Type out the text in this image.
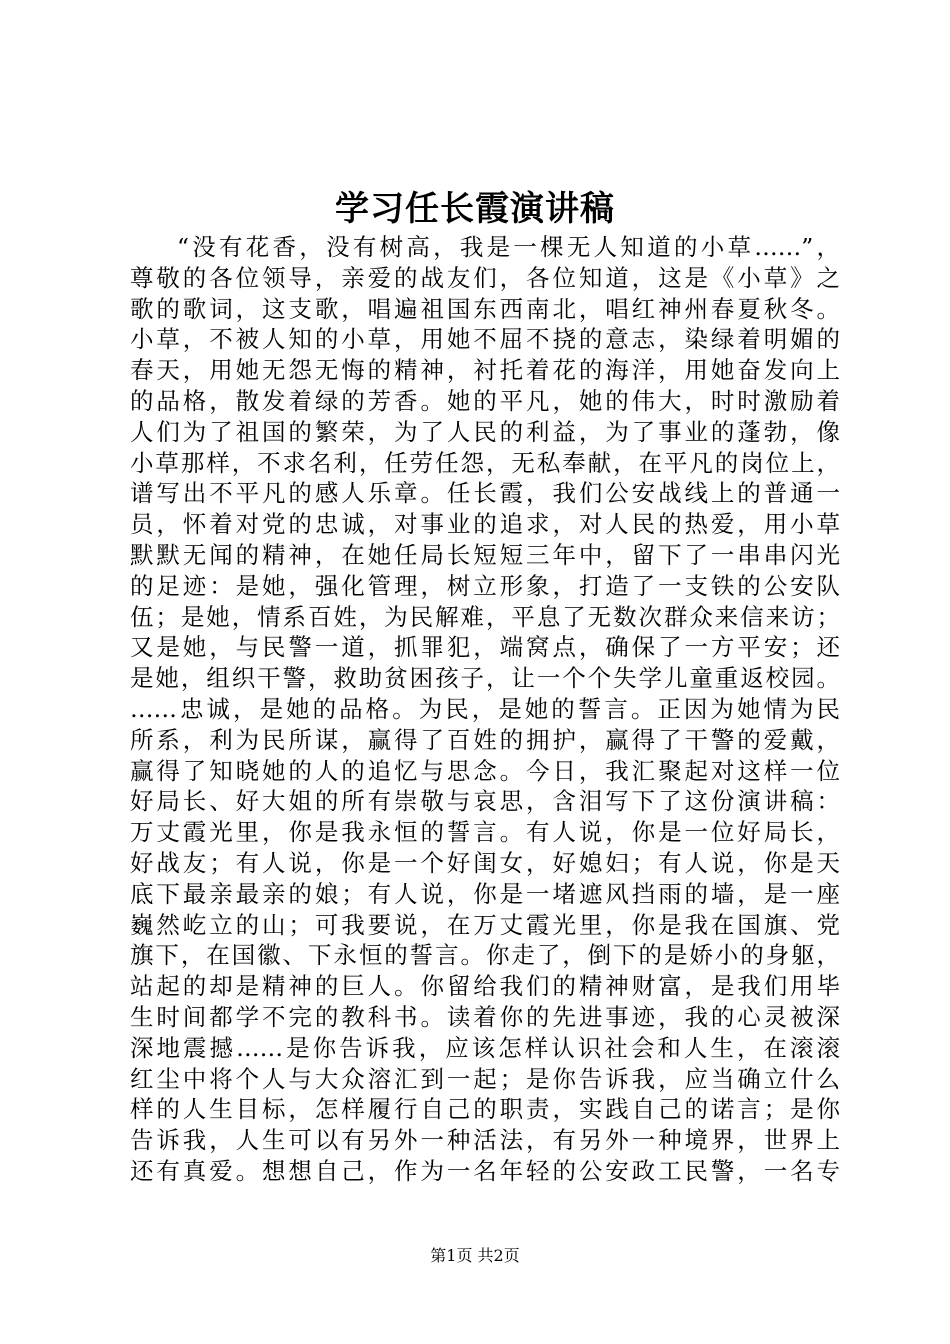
学习任长霞演讲稿
“没有花香，没有树高，我是一棵无人知道的小草……”，
尊敬的各位领导，亲爱的战友们，各位知道，这是《小草》之
歌的歌词，这支歌，唱遍祖国东西南北，唱红神州春夏秋冬。
小草，不被人知的小草，用她不屈不挠的意志，染绿着明媚的
春天，用她无怨无悔的精神，衬托着花的海洋，用她奋发向上
的品格，散发着绿的芳香。她的平凡，她的伟大，时时激励着
人们为了祖国的繁荣，为了人民的利益，为了事业的蓬勃，像
小草那样，不求名利，任劳任怨，无私奉献，在平凡的岗位上，
谱写出不平凡的感人乐章。任长霞，我们公安战线上的普通一
员，怀着对党的忠诚，对事业的追求，对人民的热爱，用小草
默默无闻的精神，在她任局长短短三年中，留下了一串串闪光
的足迹：是她，强化管理，树立形象，打造了一支铁的公安队
伍；是她，情系百姓，为民解难，平息了无数次群众来信来访；
又是她，与民警一道，抓罪犯，端窝点，确保了一方平安；还
是她，组织干警，救助贫困孩子，让一个个失学儿童重返校园。
……忠诚，是她的品格。为民，是她的誓言。正因为她情为民
所系，利为民所谋，赢得了百姓的拥护，赢得了干警的爱戴，
赢得了知晓她的人的追忆与思念。今日，我汇聚起对这样一位
好局长、好大姐的所有崇敬与哀思，含泪写下了这份演讲稿：
万丈霞光里，你是我永恒的誓言。有人说，你是一位好局长，
好战友；有人说，你是一个好闺女，好媳妇；有人说，你是天
底下最亲最亲的娘；有人说，你是一堵遮风挡雨的墙，是一座
巍然屹立的山；可我要说，在万丈霞光里，你是我在国旗、党
旗下，在国徽、下永恒的誓言。你走了，倒下的是娇小的身躯，
站起的却是精神的巨人。你留给我们的精神财富，是我们用毕
生时间都学不完的教科书。读着你的先进事迹，我的心灵被深
深地震撼……是你告诉我，应该怎样认识社会和人生，在滚滚
红尘中将个人与大众溶汇到一起；是你告诉我，应当确立什么
样的人生目标，怎样履行自己的职责，实践自己的诺言；是你
告诉我，人生可以有另外一种活法，有另外一种境界，世界上
还有真爱。想想自己，作为一名年轻的公安政工民警，一名专
第1页 共2页
